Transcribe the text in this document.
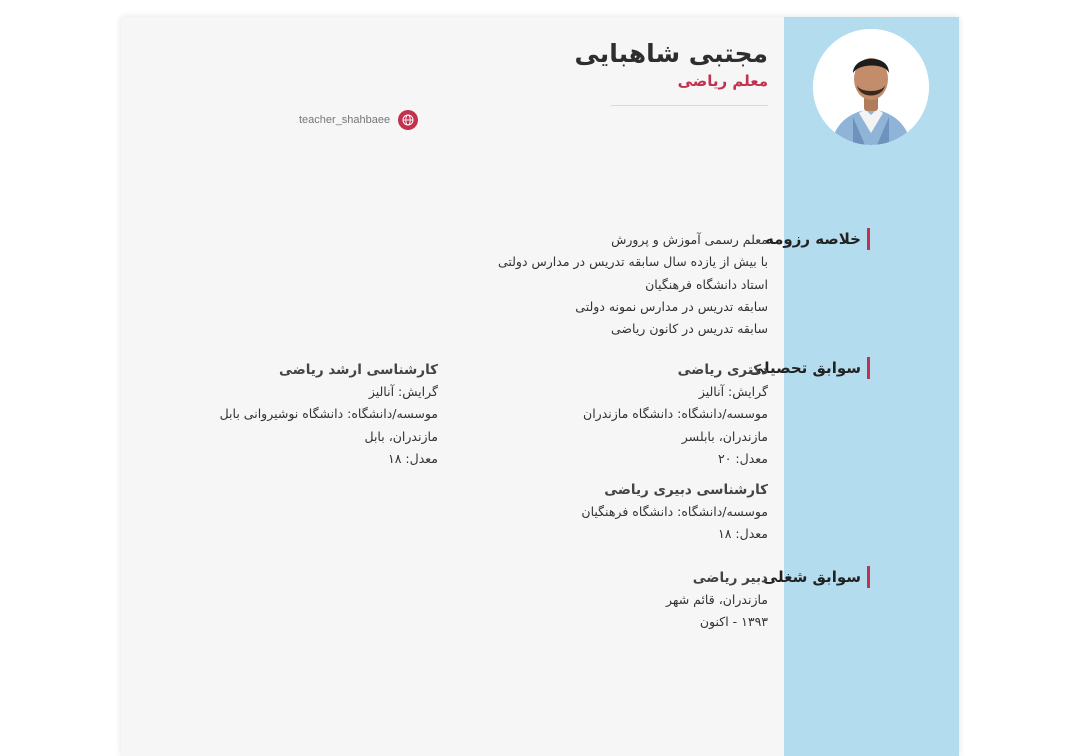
مجتبی شاهبایی
معلم ریاضی
teacher_shahbaee
خلاصه رزومه
معلم رسمی آموزش و پرورش
با بیش از یازده سال سابقه تدریس در مدارس دولتی
استاد دانشگاه فرهنگیان
سابقه تدریس در مدارس نمونه دولتی
سابقه تدریس در کانون ریاضی
سوابق تحصیلی
دکتری ریاضی
گرایش: آنالیز
موسسه/دانشگاه: دانشگاه مازندران
مازندران، بابلسر
معدل: ۲۰
کارشناسی ارشد ریاضی
گرایش: آنالیز
موسسه/دانشگاه: دانشگاه نوشیروانی بابل
مازندران، بابل
معدل: ۱۸
کارشناسی دبیری ریاضی
موسسه/دانشگاه: دانشگاه فرهنگیان
معدل: ۱۸
سوابق شغلی
دبیر ریاضی
مازندران، قائم شهر
۱۳۹۳ - اکنون
